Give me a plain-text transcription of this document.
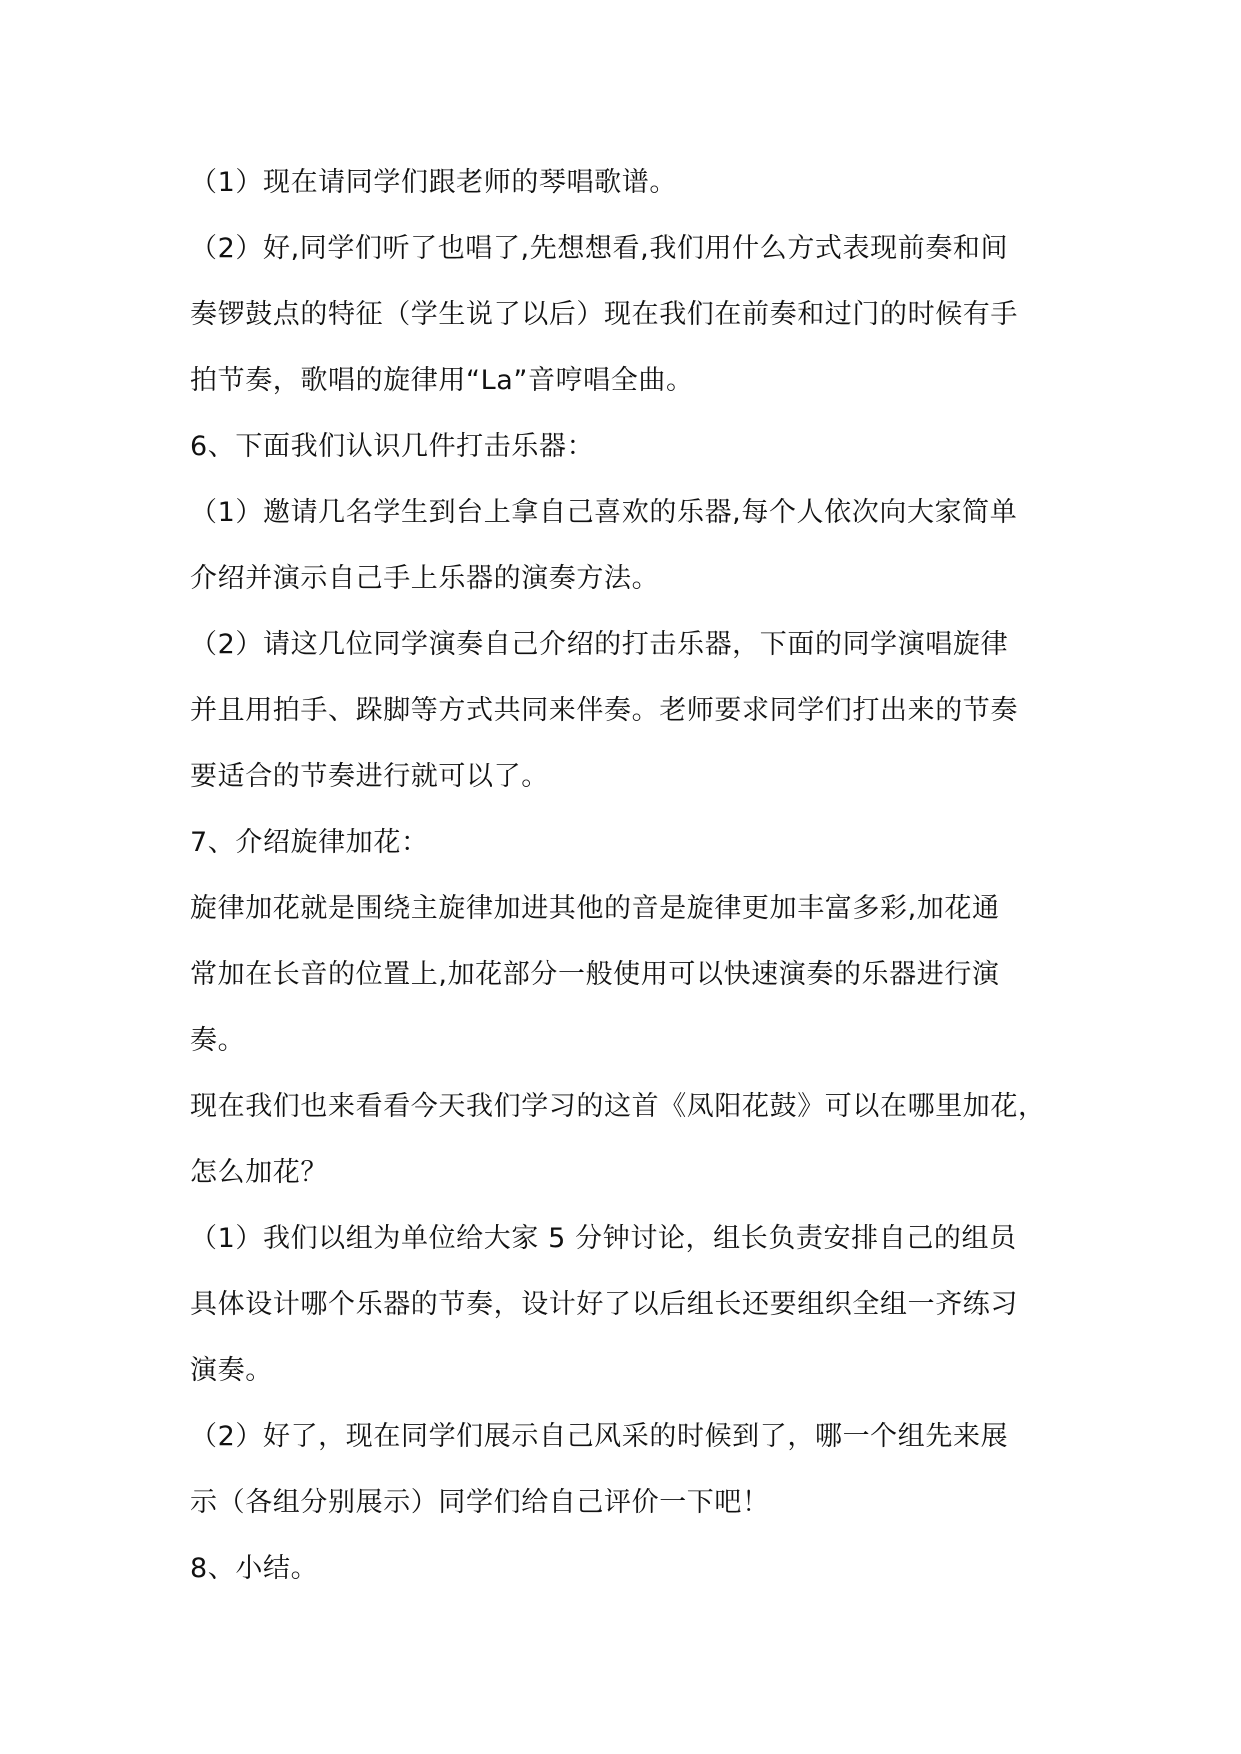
（1）现在请同学们跟老师的琴唱歌谱。
（2）好,同学们听了也唱了,先想想看,我们用什么方式表现前奏和间
奏锣鼓点的特征（学生说了以后）现在我们在前奏和过门的时候有手
拍节奏，歌唱的旋律用“La”音哼唱全曲。
6、下面我们认识几件打击乐器：
（1）邀请几名学生到台上拿自己喜欢的乐器,每个人依次向大家简单
介绍并演示自己手上乐器的演奏方法。
（2）请这几位同学演奏自己介绍的打击乐器，下面的同学演唱旋律
并且用拍手、跺脚等方式共同来伴奏。老师要求同学们打出来的节奏
要适合的节奏进行就可以了。
7、介绍旋律加花：
旋律加花就是围绕主旋律加进其他的音是旋律更加丰富多彩,加花通
常加在长音的位置上,加花部分一般使用可以快速演奏的乐器进行演
奏。
现在我们也来看看今天我们学习的这首《凤阳花鼓》可以在哪里加花，
怎么加花？
（1）我们以组为单位给大家 5 分钟讨论，组长负责安排自己的组员
具体设计哪个乐器的节奏，设计好了以后组长还要组织全组一齐练习
演奏。
（2）好了，现在同学们展示自己风采的时候到了，哪一个组先来展
示（各组分别展示）同学们给自己评价一下吧！
8、小结。
